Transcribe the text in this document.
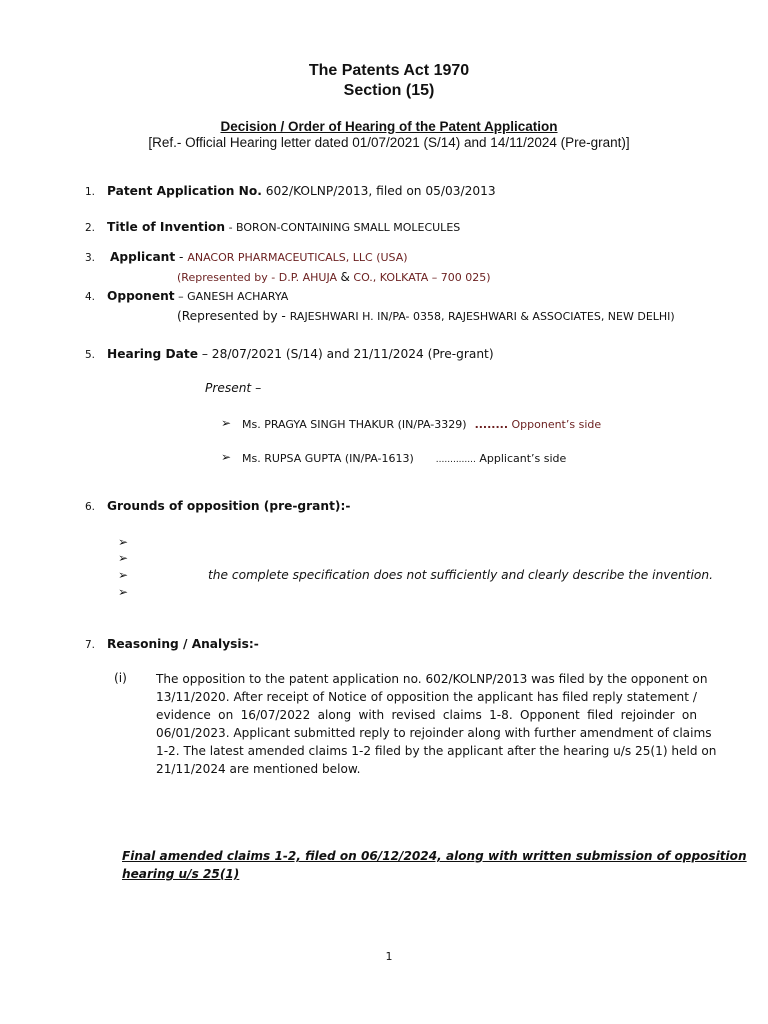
The Patents Act 1970
Section (15)
Decision / Order of Hearing of the Patent Application
[Ref.- Official Hearing letter dated 01/07/2021 (S/14) and 14/11/2024 (Pre-grant)]
1. Patent Application No. 602/KOLNP/2013, filed on 05/03/2013
2. Title of Invention - BORON-CONTAINING SMALL MOLECULES
3. Applicant - ANACOR PHARMACEUTICALS, LLC (USA)
(Represented by - D.P. AHUJA & CO., KOLKATA – 700 025)
4. Opponent – GANESH ACHARYA
(Represented by - RAJESHWARI H. IN/PA- 0358, RAJESHWARI & ASSOCIATES, NEW DELHI)
5. Hearing Date – 28/07/2021 (S/14) and 21/11/2024 (Pre-grant)
Present –
➢ Ms. PRAGYA SINGH THAKUR (IN/PA-3329) ........ Opponent’s side
➢ Ms. RUPSA GUPTA (IN/PA-1613) .............. Applicant’s side
6. Grounds of opposition (pre-grant):-
➢
➢
➢	the complete specification does not sufficiently and clearly describe the invention.
➢
7. Reasoning / Analysis:-
(i) The opposition to the patent application no. 602/KOLNP/2013 was filed by the opponent on
13/11/2020. After receipt of Notice of opposition the applicant has filed reply statement /
evidence on 16/07/2022 along with revised claims 1-8. Opponent filed rejoinder on
06/01/2023. Applicant submitted reply to rejoinder along with further amendment of claims
1-2. The latest amended claims 1-2 filed by the applicant after the hearing u/s 25(1) held on
21/11/2024 are mentioned below.
Final amended claims 1-2, filed on 06/12/2024, along with written submission of opposition
hearing u/s 25(1)
1
